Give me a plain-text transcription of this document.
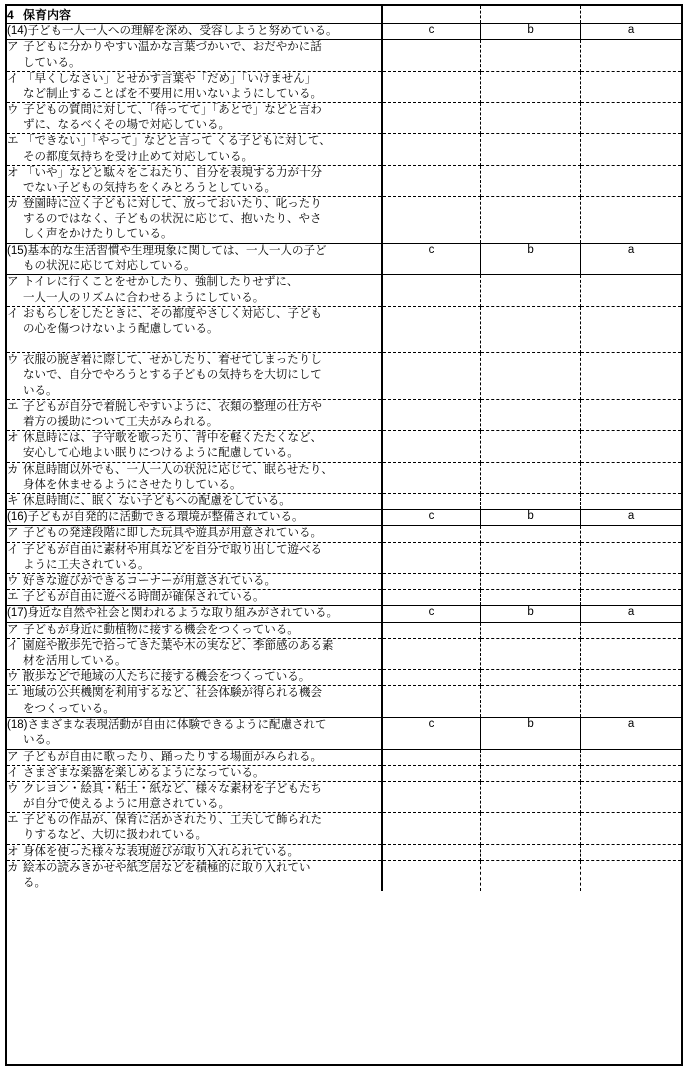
4 保育内容			

(14)子ども一人一人への理解を深め、受容しようと努めている。	c	b	a

ア 子どもに分かりやすい温かな言葉づかいで、おだやかに話
している。			

イ 「早くしなさい」とせかす言葉や「だめ」「いけません」
など制止することばを不要用に用いないようにしている。			

ウ 子どもの質問に対して、「待ってて」「あとで」などと言わ
ずに、なるべくその場で対応している。			

エ 「できない」「やって」などと言って くる子どもに対して、
その都度気持ちを受け止めて対応している。			

オ 「いや」などと駄々をこねたり、自分を表現する力が十分
でない子どもの気持ちをくみとろうとしている。			

カ 登園時に泣く子どもに対して、放っておいたり、叱ったり
するのではなく、子どもの状況に応じて、抱いたり、やさ
しく声をかけたりしている。			

(15)基本的な生活習慣や生理現象に関しては、一人一人の子ど
もの状況に応じて対応している。	c	b	a

ア トイレに行くことをせかしたり、強制したりせずに、
一人一人のリズムに合わせるようにしている。			

イ おもらしをしたときに、その都度やさしく対応し、子ども
の心を傷つけないよう配慮している。			

ウ 衣服の脱ぎ着に際して、せかしたり、着せてしまったりし
ないで、自分でやろうとする子どもの気持ちを大切にして
いる。			

エ 子どもが自分で着脱しやすいように、衣類の整理の仕方や
着方の援助について工夫がみられる。			

オ 休息時には、子守歌を歌ったり、背中を軽くたたくなど、
安心して心地よい眠りにつけるように配慮している。			

カ 休息時間以外でも、一人一人の状況に応じて、眠らせたり、
身体を休ませるようにさせたりしている。			

キ 休息時間に、眠く ない子どもへの配慮をしている。			

(16)子どもが自発的に活動できる環境が整備されている。	c	b	a

ア 子どもの発達段階に即した玩具や遊具が用意されている。			

イ 子どもが自由に素材や用具などを自分で取り出して遊べる
ように工夫されている。			

ウ 好きな遊びができるコーナーが用意されている。			

エ 子どもが自由に遊べる時間が確保されている。			

(17)身近な自然や社会と関われるような取り組みがされている。	c	b	a

ア 子どもが身近に動植物に接する機会をつくっている。			

イ 園庭や散歩先で拾ってきた葉や木の実など、季節感のある素
材を活用している。			

ウ 散歩などで地域の人たちに接する機会をつくっている。			

エ 地域の公共機関を利用するなど、社会体験が得られる機会
をつくっている。			

(18)さまざまな表現活動が自由に体験できるように配慮されて
いる。	c	b	a

ア 子どもが自由に歌ったり、踊ったりする場面がみられる。			

イ さまざまな楽器を楽しめるようになっている。			

ウ クレヨン・絵具・粘土・紙など、様々な素材を子どもたち
が自分で使えるように用意されている。			

エ 子どもの作品が、保育に活かされたり、工夫して飾られた
りするなど、大切に扱われている。			

オ 身体を使った様々な表現遊びが取り入れられている。			

カ 絵本の読みきかせや紙芝居などを積極的に取り入れてい
る。			
